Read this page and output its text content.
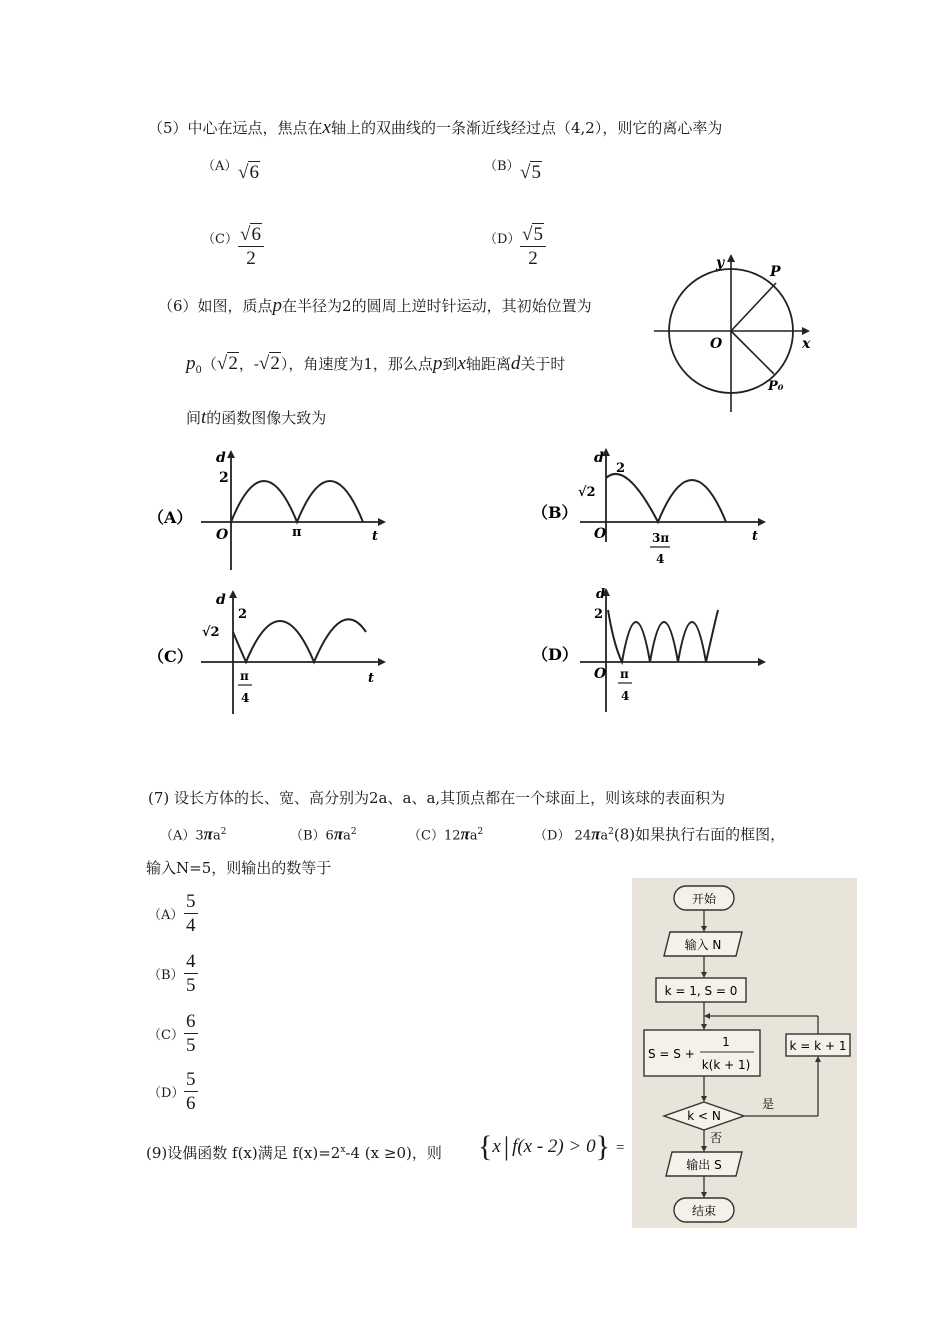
（5）中心在远点，焦点在x轴上的双曲线的一条渐近线经过点（4,2），则它的离心率为
（A） √6	（B） √5
（C） √6
2
（D） √5
2
（6）如图，质点p在半径为2的圆周上逆时针运动，其初始位置为
$p_0(√2$，-√2），角速度为1，那么点p到x轴距离d关于时
间t的函数图像大致为
y
x
O
P
P₀
（A）
d
2
O	π	t
（B）
d
2
√2
O	3π
4
t
（C）
d
2
√2
π
4
t
（D）
d
2
O π
4
(7) 设长方体的长、宽、高分别为2a、a、a,其顶点都在一个球面上，则该球的表面积为
$(A)3\pi a^2$	$(B)6\pi a^2$	$(C)12\pi a^2$	（D） $24\pi a^2(8)$如果执行右面的框图，
输入N=5，则输出的数等于
（A）
5
4
（B）
4
5
（C）
6
5
（D）
5
6
开始
输入 N
k = 1, S = 0
S = S +
1
k(k + 1)
k < N
是
k = k + 1
否
输出 S
结束
(9)设偶函数 f(x)满足 $f(x)=2^x-4$ (x ≥0)，则 {x | f(x - 2) > 0} =
